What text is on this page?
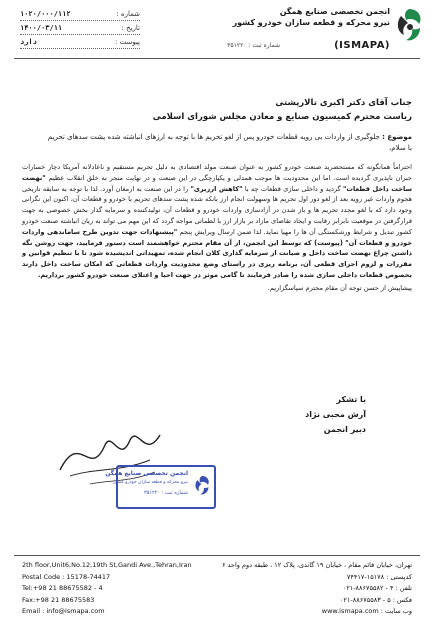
شماره :
۱۰۲۰/۰۰۰/۱۱۲
تاریخ :
۱۴۰۰/۰۳/۱۱
پیوست :
دارد
انجمن تخصصی صنایع همگن
نیرو محرکه و قطعه سازان خودرو کشور
شماره ثبت : ۳۵۱۲۲۰	(ISMAPA)
جناب آقای دکتر اکبری تالارپشتی
ریاست محترم کمیسیون صنایع و معادن مجلس شورای اسلامی
موضوع : جلوگیری از واردات بی رویه قطعات خودرو پس از لغو تحریم ها با توجه به ارزهای انباشته شده پشت سدهای تحریم
با سلام،
احتراماً همانگونه که مستحضرید صنعت خودرو کشور به عنوان صنعت مولد اقتصادی به دلیل تحریم مستقیم و ناعادلانه آمریکا دچار خسارات جبران ناپذیری گردیده است. اما این محدودیت ها موجب همدلی و یکپارچگی در این صنعت و در نهایت منجر به خلق انقلاب عظیم "نهضت ساخت داخل قطعات" گردید و داخلی سازی قطعات چه با "کاهش ارزبری" را در این صنعت به ارمغان آورد. لذا با توجه به سابقه تاریخی هجوم واردات غیر رویه بعد از لغو دور اول تحریم ها وسهولت انجام ارز بانکه شده پشت سدهای تحریم با خودرو و قطعات آن، اکنون این نگرانی وجود دارد که با لغو مجدد تحریم ها و باز شدن در آزادسازی واردات خودرو و قطعات آن، تولیدکننده و سرمایه گذار بخش خصوصی به جهت قرارگرفتن در موقعیت نابرابر رقابت و ایجاد تقاضای مازاد بر بازار ارز با لطماتی مواجه گردد که این مهم می تواند به زیان انباشته صنعت خودرو کشور تبدیل و شرایط ورشکستگی آن ها را مهیا نماید. لذا ضمن ارسال ویرایش پنجم "پیشنهادات جهت تدوین طرح ساماندهی واردات خودرو و قطعات آن" (پیوست) که توسط این انجمن، از آن مقام محترم خواهشمند است دستور فرمایید، جهت روشن نگه داشتن چراغ نهضت ساخت داخل و صیانت از سرمایه گذاری کلان انجام شده، تمهیداتی اندیشیده شود تا با تنظیم قوانین و مقررات و لزوم اجرای قطعی آن، برنامه ریزی در راستای وضع محدودیت واردات قطعاتی که امکان ساخت داخل دارند بخصوص قطعات داخلی سازی شده را صادر فرمایند تا گامی موثر در جهت احیا و اعتلای صنعت خودرو کشور برداریم.
پیشاپیش از حسن توجه آن مقام محترم سپاسگزاریم.
با تشکر
آرش محبی نژاد
دبیر انجمن
انجمن تخصصی صنایع همگن
نیرو محرکه و قطعه سازان خودرو کشور
شماره ثبت : ۳۵۱۲۲۰
تهران، خیابان قائم مقام ، خیابان ۱۹ گاندی، پلاک ۱۲ ، طبقه دوم واحد ۶
کدپستی : ۱۵۱۷۸-۷۴۴۱۷
تلفن : ۴ - ۸۸۶۷۵۵۸۲-۰۲۱
فکس : ۵ - ۸۸۶۷۵۵۸۳-۰۲۱
وب سایت : www.ismapa.com
2th floor,Unit6,No.12,19th St,Gandi Ave.,Tehran,Iran
Postal Code : 15178-74417
Tel:+98 21 88675582 - 4
Fax:+98 21 88675583
Email : info@ismapa.com
